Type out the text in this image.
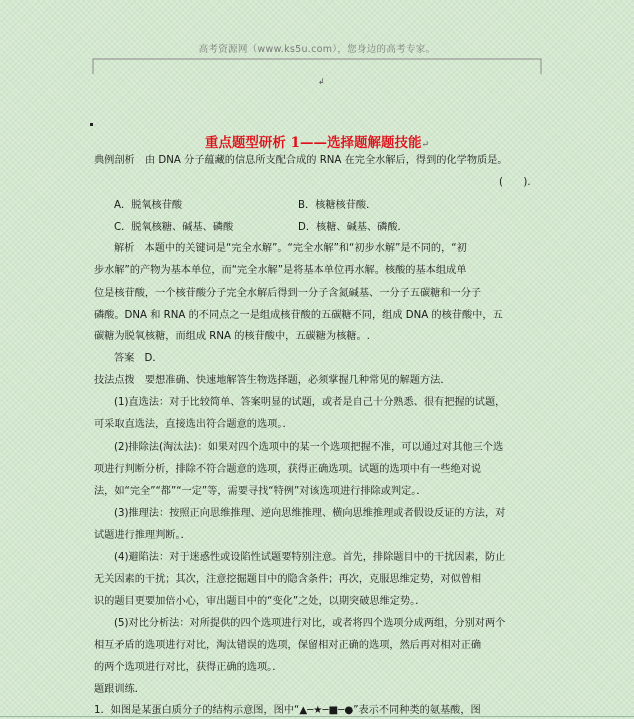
高考资源网（www.ks5u.com），您身边的高考专家。
↲
重点题型研析 1——选择题解题技能↵
典例剖析　由 DNA 分子蕴藏的信息所支配合成的 RNA 在完全水解后，得到的化学物质是。
(　　).
A．脱氧核苷酸	B．核糖核苷酸．
C．脱氧核糖、碱基、磷酸	D．核糖、碱基、磷酸．
解析　本题中的关键词是“完全水解”。“完全水解”和“初步水解”是不同的，“初
步水解”的产物为基本单位，而“完全水解”是将基本单位再水解。核酸的基本组成单
位是核苷酸，一个核苷酸分子完全水解后得到一分子含氮碱基、一分子五碳糖和一分子
磷酸。DNA 和 RNA 的不同点之一是组成核苷酸的五碳糖不同，组成 DNA 的核苷酸中，五
碳糖为脱氧核糖，而组成 RNA 的核苷酸中，五碳糖为核糖。.
答案　D．
技法点拨　要想准确、快速地解答生物选择题，必须掌握几种常见的解题方法．
(1)直选法：对于比较简单、答案明显的试题，或者是自己十分熟悉、很有把握的试题，
可采取直选法，直接选出符合题意的选项。．
(2)排除法(淘汰法)：如果对四个选项中的某一个选项把握不准，可以通过对其他三个选
项进行判断分析，排除不符合题意的选项，获得正确选项。试题的选项中有一些绝对说
法，如“完全”“都”“一定”等，需要寻找“特例”对该选项进行排除或判定。．
(3)推理法：按照正向思维推理、逆向思维推理、横向思维推理或者假设反证的方法，对
试题进行推理判断。．
(4)避陷法：对于迷惑性或设陷性试题要特别注意。首先，排除题目中的干扰因素，防止
无关因素的干扰；其次，注意挖掘题目中的隐含条件；再次，克服思维定势，对似曾相
识的题目更要加倍小心，审出题目中的“变化”之处，以期突破思维定势。．
(5)对比分析法：对所提供的四个选项进行对比，或者将四个选项分成两组，分别对两个
相互矛盾的选项进行对比，淘汰错误的选项，保留相对正确的选项，然后再对相对正确
的两个选项进行对比，获得正确的选项。．
题跟训练．
1．如图是某蛋白质分子的结构示意图，图中“▲─★─■─●”表示不同种类的氨基酸，图
